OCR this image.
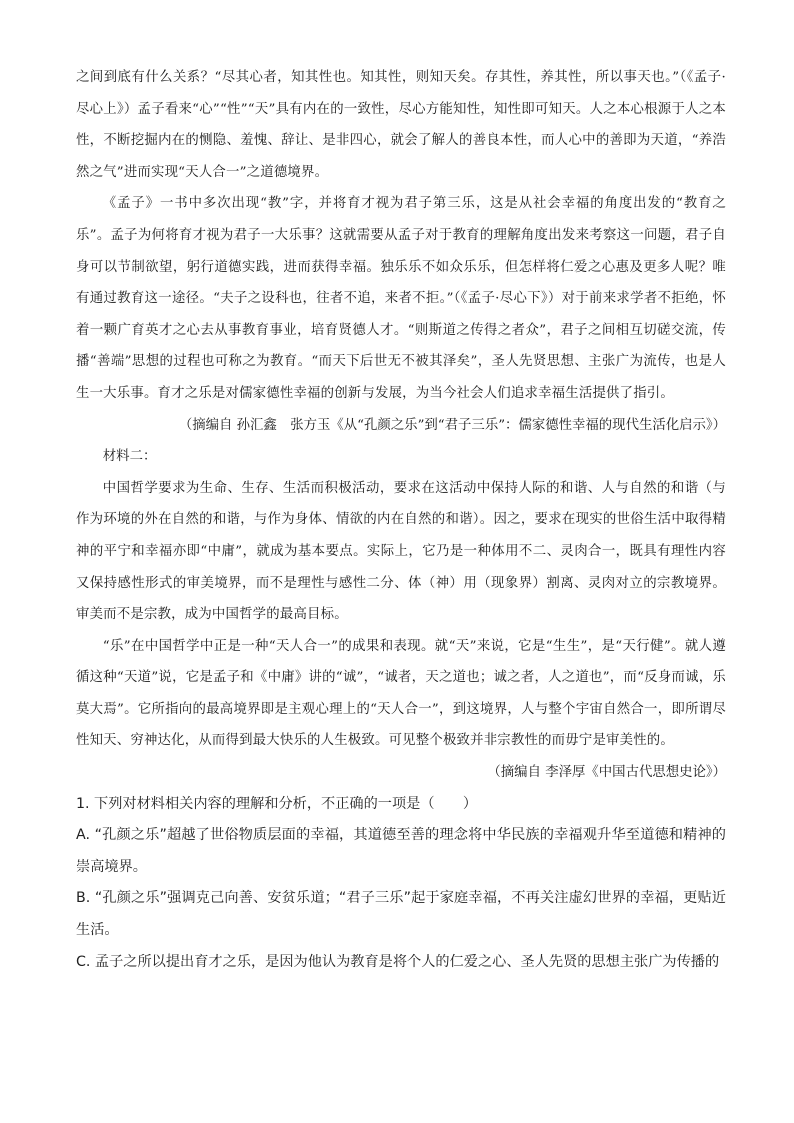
之间到底有什么关系？“尽其心者，知其性也。知其性，则知天矣。存其性，养其性，所以事天也。”（《孟子·尽心上》）孟子看来“心”“性”“天”具有内在的一致性，尽心方能知性，知性即可知天。人之本心根源于人之本性，不断挖掘内在的恻隐、羞愧、辞让、是非四心，就会了解人的善良本性，而人心中的善即为天道，“养浩然之气”进而实现“天人合一”之道德境界。

《孟子》一书中多次出现“教”字，并将育才视为君子第三乐，这是从社会幸福的角度出发的“教育之乐”。孟子为何将育才视为君子一大乐事？这就需要从孟子对于教育的理解角度出发来考察这一问题，君子自身可以节制欲望，躬行道德实践，进而获得幸福。独乐乐不如众乐乐，但怎样将仁爱之心惠及更多人呢？唯有通过教育这一途径。“夫子之设科也，往者不追，来者不拒。”（《孟子·尽心下》）对于前来求学者不拒绝，怀着一颗广育英才之心去从事教育事业，培育贤德人才。“则斯道之传得之者众”，君子之间相互切磋交流，传播“善端”思想的过程也可称之为教育。“而天下后世无不被其泽矣”，圣人先贤思想、主张广为流传，也是人生一大乐事。育才之乐是对儒家德性幸福的创新与发展，为当今社会人们追求幸福生活提供了指引。

（摘编自 孙汇鑫　张方玉《从“孔颜之乐”到“君子三乐”：儒家德性幸福的现代生活化启示》）

材料二：

中国哲学要求为生命、生存、生活而积极活动，要求在这活动中保持人际的和谐、人与自然的和谐（与作为环境的外在自然的和谐，与作为身体、情欲的内在自然的和谐）。因之，要求在现实的世俗生活中取得精神的平宁和幸福亦即“中庸”，就成为基本要点。实际上，它乃是一种体用不二、灵肉合一，既具有理性内容又保持感性形式的审美境界，而不是理性与感性二分、体（神）用（现象界）割离、灵肉对立的宗教境界。审美而不是宗教，成为中国哲学的最高目标。

“乐”在中国哲学中正是一种“天人合一”的成果和表现。就“天”来说，它是“生生”，是“天行健”。就人遵循这种“天道”说，它是孟子和《中庸》讲的“诚”，“诚者，天之道也；诚之者，人之道也”，而“反身而诚，乐莫大焉”。它所指向的最高境界即是主观心理上的“天人合一”，到这境界，人与整个宇宙自然合一，即所谓尽性知天、穷神达化，从而得到最大快乐的人生极致。可见整个极致并非宗教性的而毋宁是审美性的。

（摘编自 李泽厚《中国古代思想史论》）

1. 下列对材料相关内容的理解和分析，不正确的一项是（　　）

A. “孔颜之乐”超越了世俗物质层面的幸福，其道德至善的理念将中华民族的幸福观升华至道德和精神的崇高境界。

B. “孔颜之乐”强调克己向善、安贫乐道；“君子三乐”起于家庭幸福，不再关注虚幻世界的幸福，更贴近生活。

C. 孟子之所以提出育才之乐，是因为他认为教育是将个人的仁爱之心、圣人先贤的思想主张广为传播的
